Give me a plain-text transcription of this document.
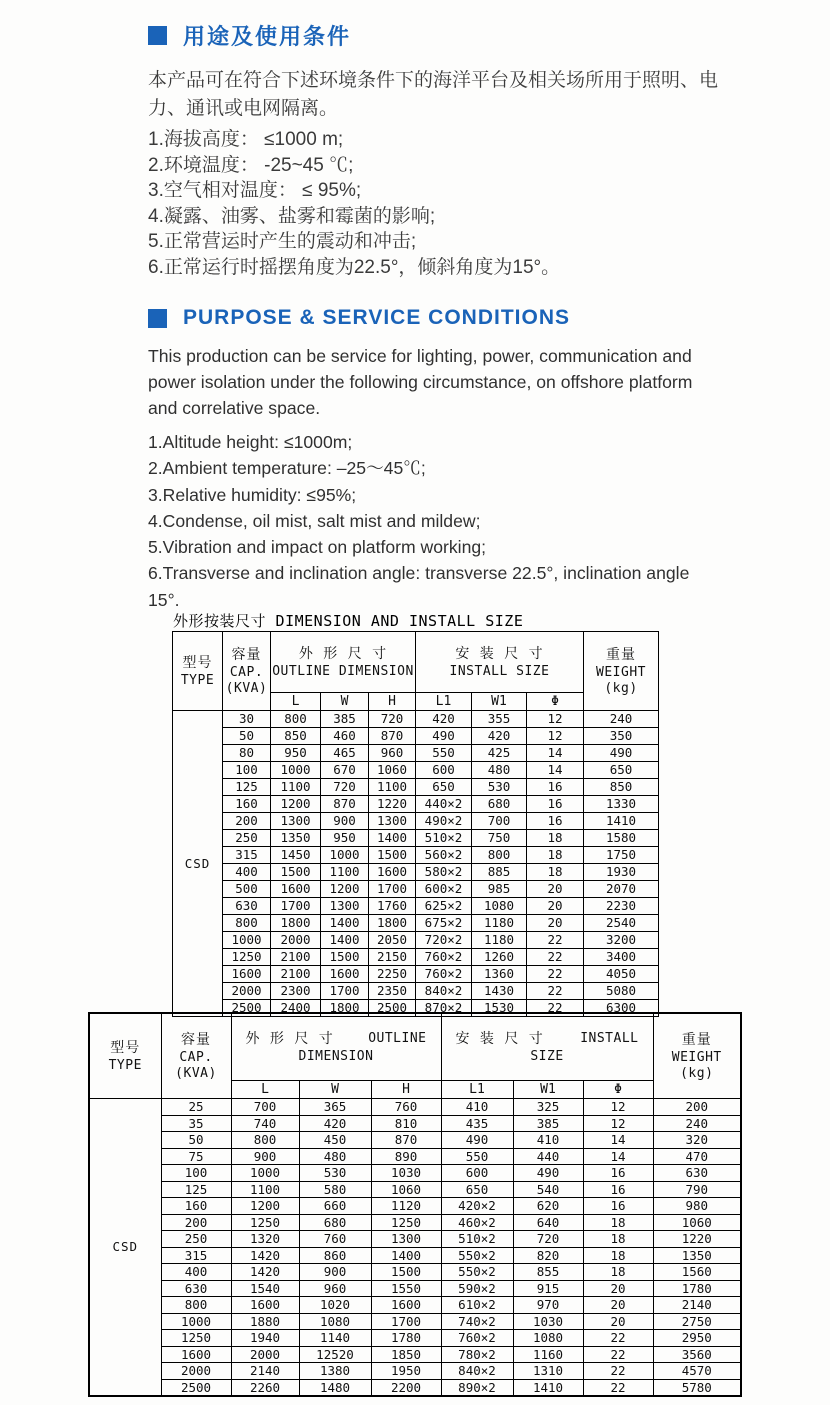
用途及使用条件

本产品可在符合下述环境条件下的海洋平台及相关场所用于照明、电力、通讯或电网隔离。

1.海拔高度： ≤1000 m;
2.环境温度： -25~45 ℃;
3.空气相对温度： ≤ 95%;
4.凝露、油雾、盐雾和霉菌的影响;
5.正常营运时产生的震动和冲击;
6.正常运行时摇摆角度为22.5°，倾斜角度为15°。
PURPOSE & SERVICE CONDITIONS

This production can be service for lighting, power, communication and power isolation under the following circumstance, on offshore platform and correlative space.

1.Altitude height: ≤1000m;
2.Ambient temperature: –25～45℃;
3.Relative humidity: ≤95%;
4.Condense, oil mist, salt mist and mildew;
5.Vibration and impact on platform working;
6.Transverse and inclination angle: transverse 22.5°, inclination angle 15°.
外形按装尺寸 DIMENSION AND INSTALL SIZE
型号
TYPE

容量
CAP.
(KVA)

外 形 尺 寸
OUTLINE DIMENSION

安 装 尺 寸
INSTALL SIZE

重量
WEIGHT
(kg)

		L	W	H	L1	W1	Φ	
CSD	30	800	385	720	420	355	12	240
	50	850	460	870	490	420	12	350
	80	950	465	960	550	425	14	490
	100	1000	670	1060	600	480	14	650
	125	1100	720	1100	650	530	16	850
	160	1200	870	1220	440×2	680	16	1330
	200	1300	900	1300	490×2	700	16	1410
	250	1350	950	1400	510×2	750	18	1580
	315	1450	1000	1500	560×2	800	18	1750
	400	1500	1100	1600	580×2	885	18	1930
	500	1600	1200	1700	600×2	985	20	2070
	630	1700	1300	1760	625×2	1080	20	2230
	800	1800	1400	1800	675×2	1180	20	2540
	1000	2000	1400	2050	720×2	1180	22	3200
	1250	2100	1500	2150	760×2	1260	22	3400
	1600	2100	1600	2250	760×2	1360	22	4050
	2000	2300	1700	2350	840×2	1430	22	5080
	2500	2400	1800	2500	870×2	1530	22	6300
型号
TYPE

容量
CAP.
(KVA)

外 形 尺 寸	OUTLINE
DIMENSION

安 装 尺 寸	INSTALL
SIZE

重量
WEIGHT
(kg)

		L	W	H	L1	W1	Φ	
CSD	25	700	365	760	410	325	12	200
	35	740	420	810	435	385	12	240
	50	800	450	870	490	410	14	320
	75	900	480	890	550	440	14	470
	100	1000	530	1030	600	490	16	630
	125	1100	580	1060	650	540	16	790
	160	1200	660	1120	420×2	620	16	980
	200	1250	680	1250	460×2	640	18	1060
	250	1320	760	1300	510×2	720	18	1220
	315	1420	860	1400	550×2	820	18	1350
	400	1420	900	1500	550×2	855	18	1560
	630	1540	960	1550	590×2	915	20	1780
	800	1600	1020	1600	610×2	970	20	2140
	1000	1880	1080	1700	740×2	1030	20	2750
	1250	1940	1140	1780	760×2	1080	22	2950
	1600	2000	12520	1850	780×2	1160	22	3560
	2000	2140	1380	1950	840×2	1310	22	4570
	2500	2260	1480	2200	890×2	1410	22	5780
